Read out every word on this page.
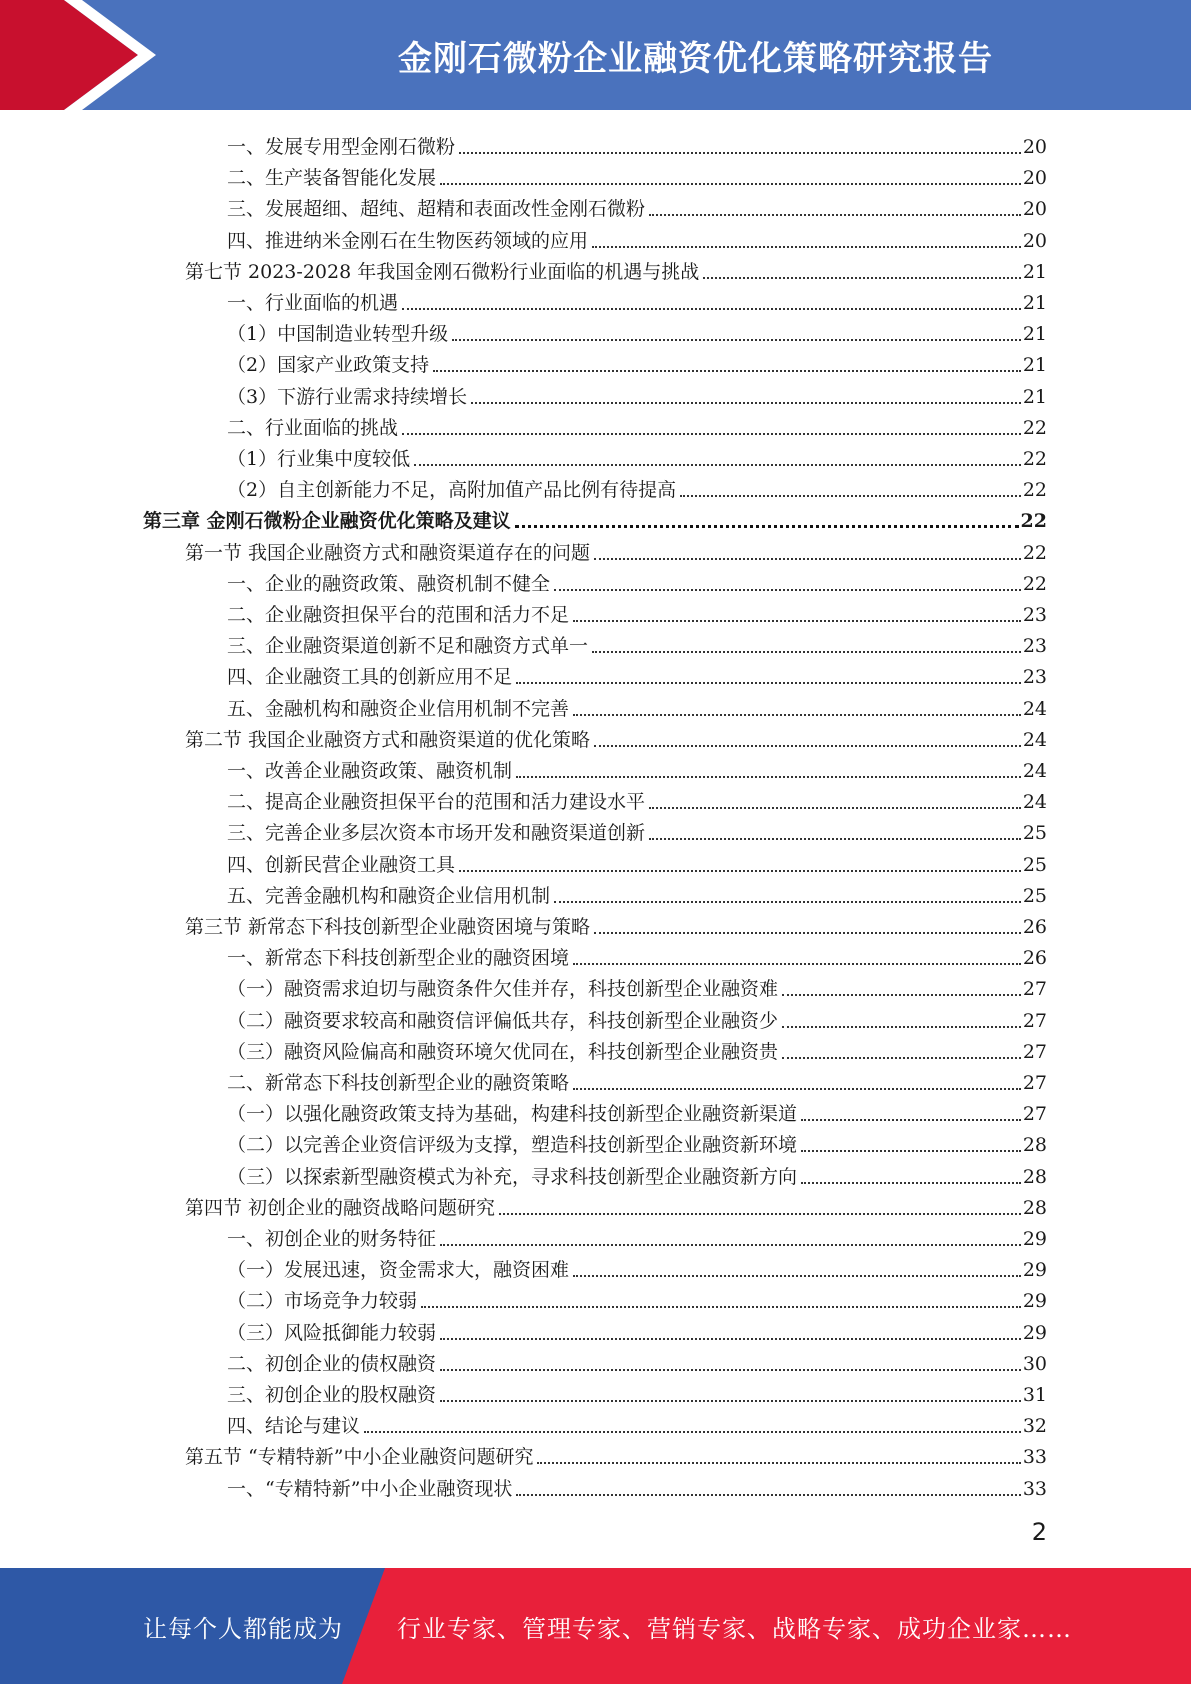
金刚石微粉企业融资优化策略研究报告
一、发展专用型金刚石微粉	20
二、生产装备智能化发展	20
三、发展超细、超纯、超精和表面改性金刚石微粉	20
四、推进纳米金刚石在生物医药领域的应用	20
第七节 2023-2028 年我国金刚石微粉行业面临的机遇与挑战	21
一、行业面临的机遇	21
（1）中国制造业转型升级	21
（2）国家产业政策支持	21
（3）下游行业需求持续增长	21
二、行业面临的挑战	22
（1）行业集中度较低	22
（2）自主创新能力不足，高附加值产品比例有待提高	22
第三章 金刚石微粉企业融资优化策略及建议	22
第一节 我国企业融资方式和融资渠道存在的问题	22
一、企业的融资政策、融资机制不健全	22
二、企业融资担保平台的范围和活力不足	23
三、企业融资渠道创新不足和融资方式单一	23
四、企业融资工具的创新应用不足	23
五、金融机构和融资企业信用机制不完善	24
第二节 我国企业融资方式和融资渠道的优化策略	24
一、改善企业融资政策、融资机制	24
二、提高企业融资担保平台的范围和活力建设水平	24
三、完善企业多层次资本市场开发和融资渠道创新	25
四、创新民营企业融资工具	25
五、完善金融机构和融资企业信用机制	25
第三节 新常态下科技创新型企业融资困境与策略	26
一、新常态下科技创新型企业的融资困境	26
（一）融资需求迫切与融资条件欠佳并存，科技创新型企业融资难	27
（二）融资要求较高和融资信评偏低共存，科技创新型企业融资少	27
（三）融资风险偏高和融资环境欠优同在，科技创新型企业融资贵	27
二、新常态下科技创新型企业的融资策略	27
（一）以强化融资政策支持为基础，构建科技创新型企业融资新渠道	27
（二）以完善企业资信评级为支撑，塑造科技创新型企业融资新环境	28
（三）以探索新型融资模式为补充，寻求科技创新型企业融资新方向	28
第四节 初创企业的融资战略问题研究	28
一、初创企业的财务特征	29
（一）发展迅速，资金需求大，融资困难	29
（二）市场竞争力较弱	29
（三）风险抵御能力较弱	29
二、初创企业的债权融资	30
三、初创企业的股权融资	31
四、结论与建议	32
第五节 “专精特新”中小企业融资问题研究	33
一、“专精特新”中小企业融资现状	33
2
让每个人都能成为 行业专家、管理专家、营销专家、战略专家、成功企业家……
